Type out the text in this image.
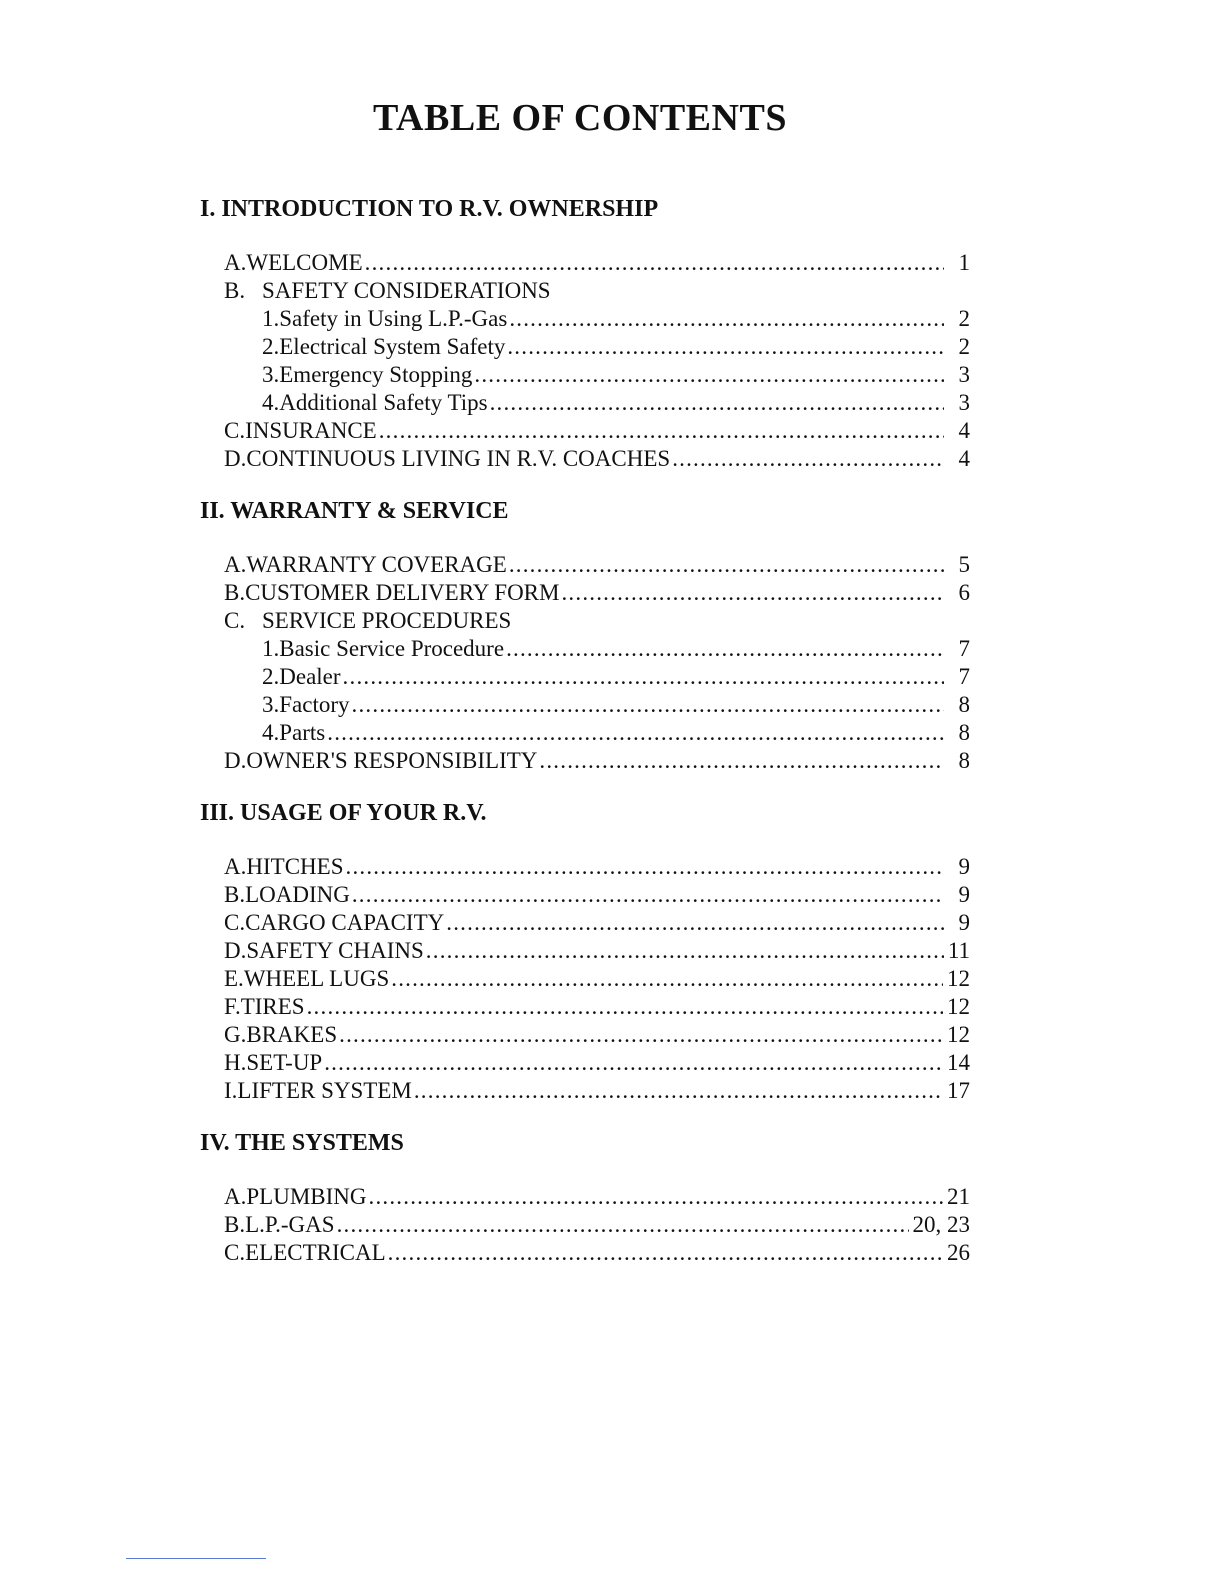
TABLE OF CONTENTS
I. INTRODUCTION TO R.V. OWNERSHIP
A. WELCOME .....	1
B. SAFETY CONSIDERATIONS
1. Safety in Using L.P.-Gas .....	2
2. Electrical System Safety .....	2
3. Emergency Stopping .....	3
4. Additional Safety Tips .....	3
C. INSURANCE .....	4
D. CONTINUOUS LIVING IN R.V. COACHES .....	4
II. WARRANTY & SERVICE
A. WARRANTY COVERAGE .....	5
B. CUSTOMER DELIVERY FORM .....	6
C. SERVICE PROCEDURES
1. Basic Service Procedure .....	7
2. Dealer .....	7
3. Factory .....	8
4. Parts .....	8
D. OWNER'S RESPONSIBILITY .....	8
III. USAGE OF YOUR R.V.
A. HITCHES .....	9
B. LOADING .....	9
C. CARGO CAPACITY .....	9
D. SAFETY CHAINS .....	11
E. WHEEL LUGS .....	12
F. TIRES .....	12
G. BRAKES .....	12
H. SET-UP .....	14
I. LIFTER SYSTEM .....	17
IV. THE SYSTEMS
A. PLUMBING .....	21
B. L.P.-GAS .....	20, 23
C. ELECTRICAL .....	26
